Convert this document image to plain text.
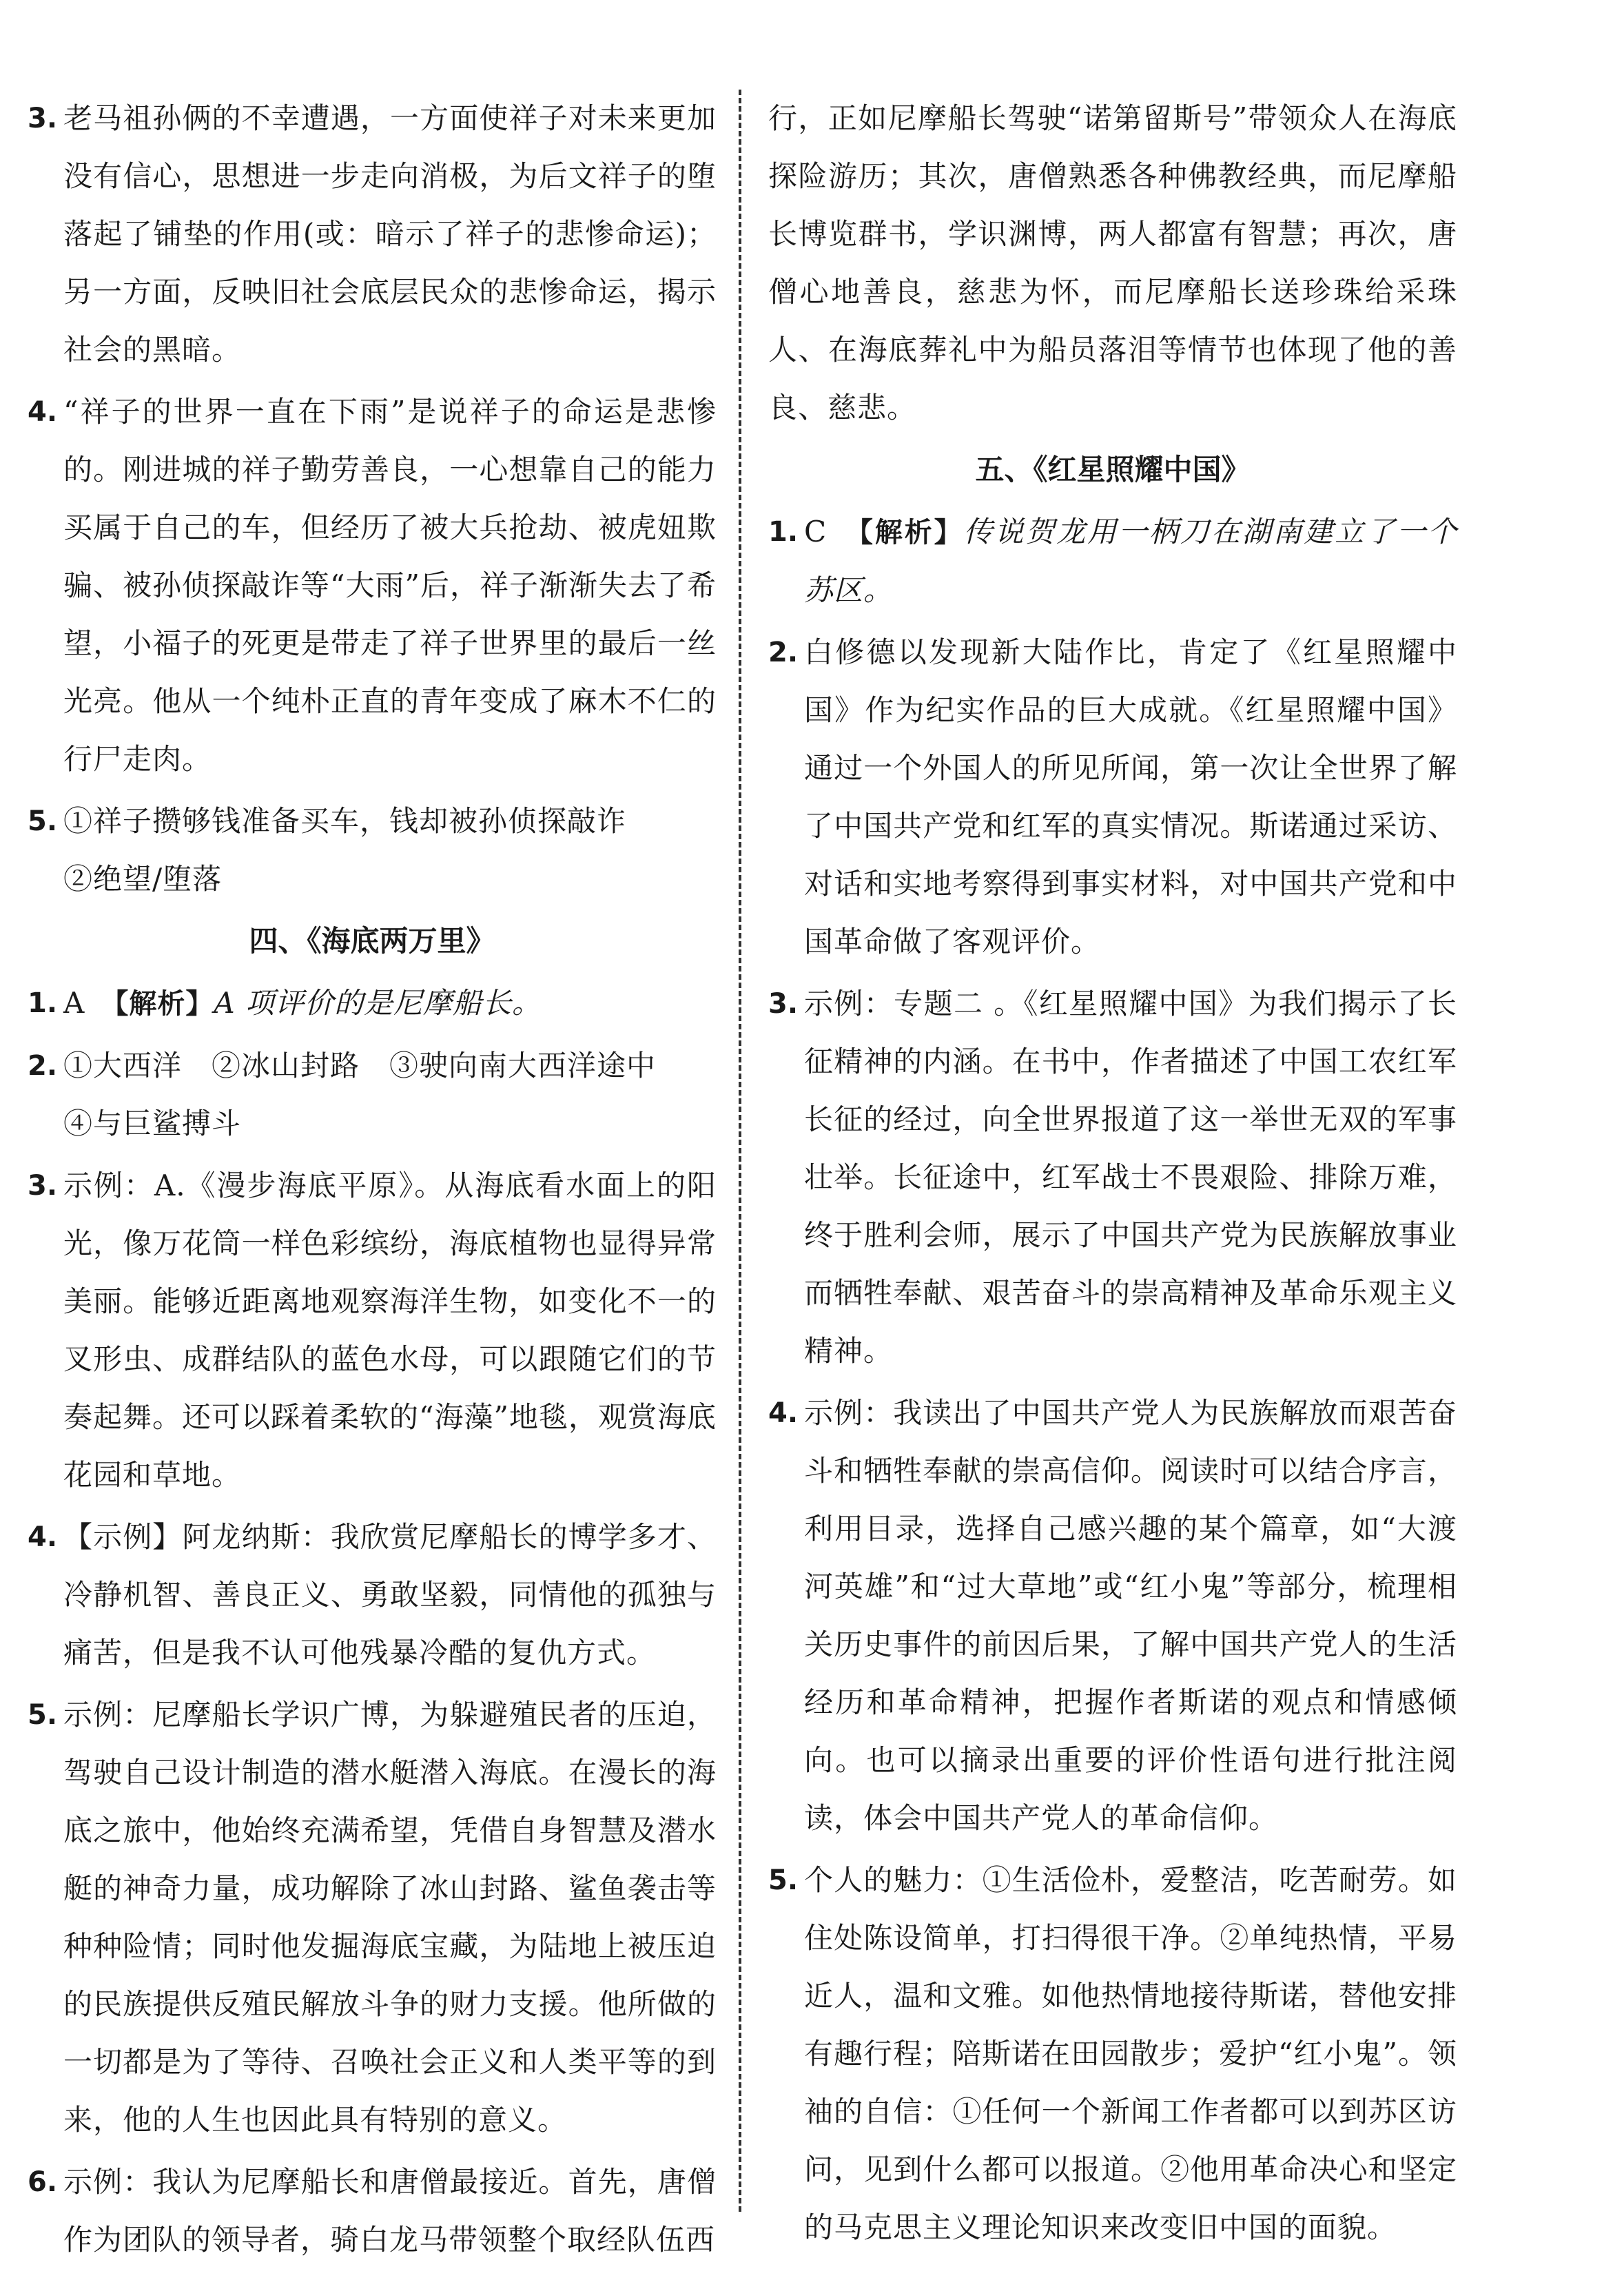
3. 老马祖孙俩的不幸遭遇，一方面使祥子对未来更加没有信心，思想进一步走向消极，为后文祥子的堕落起了铺垫的作用(或：暗示了祥子的悲惨命运)；另一方面，反映旧社会底层民众的悲惨命运，揭示社会的黑暗。
4. “祥子的世界一直在下雨”是说祥子的命运是悲惨的。刚进城的祥子勤劳善良，一心想靠自己的能力买属于自己的车，但经历了被大兵抢劫、被虎妞欺骗、被孙侦探敲诈等“大雨”后，祥子渐渐失去了希望，小福子的死更是带走了祥子世界里的最后一丝光亮。他从一个纯朴正直的青年变成了麻木不仁的行尸走肉。
5. ①祥子攒够钱准备买车，钱却被孙侦探敲诈
②绝望/堕落
四、《海底两万里》
1. A　 【解析】A 项评价的是尼摩船长。
2. ①大西洋　②冰山封路　③驶向南大西洋途中
④与巨鲨搏斗
3. 示例：A.《漫步海底平原》。从海底看水面上的阳光，像万花筒一样色彩缤纷，海底植物也显得异常美丽。能够近距离地观察海洋生物，如变化不一的叉形虫、成群结队的蓝色水母，可以跟随它们的节奏起舞。还可以踩着柔软的“海藻”地毯，观赏海底花园和草地。
4. 【示例】阿龙纳斯：我欣赏尼摩船长的博学多才、冷静机智、善良正义、勇敢坚毅，同情他的孤独与痛苦，但是我不认可他残暴冷酷的复仇方式。
5. 示例：尼摩船长学识广博，为躲避殖民者的压迫，驾驶自己设计制造的潜水艇潜入海底。在漫长的海底之旅中，他始终充满希望，凭借自身智慧及潜水艇的神奇力量，成功解除了冰山封路、鲨鱼袭击等种种险情；同时他发掘海底宝藏，为陆地上被压迫的民族提供反殖民解放斗争的财力支援。他所做的一切都是为了等待、召唤社会正义和人类平等的到来，他的人生也因此具有特别的意义。
6. 示例：我认为尼摩船长和唐僧最接近。首先，唐僧作为团队的领导者，骑白龙马带领整个取经队伍西
行，正如尼摩船长驾驶“诺第留斯号”带领众人在海底探险游历；其次，唐僧熟悉各种佛教经典，而尼摩船长博览群书，学识渊博，两人都富有智慧；再次，唐僧心地善良，慈悲为怀，而尼摩船长送珍珠给采珠人、在海底葬礼中为船员落泪等情节也体现了他的善良、慈悲。
五、《红星照耀中国》
1. C　 【解析】传说贺龙用一柄刀在湖南建立了一个苏区。
2. 白修德以发现新大陆作比，肯定了《红星照耀中国》作为纪实作品的巨大成就。《红星照耀中国》通过一个外国人的所见所闻，第一次让全世界了解了中国共产党和红军的真实情况。斯诺通过采访、对话和实地考察得到事实材料，对中国共产党和中国革命做了客观评价。
3. 示例：专题二 。《红星照耀中国》为我们揭示了长征精神的内涵。在书中，作者描述了中国工农红军长征的经过，向全世界报道了这一举世无双的军事壮举。长征途中，红军战士不畏艰险、排除万难，终于胜利会师，展示了中国共产党为民族解放事业而牺牲奉献、艰苦奋斗的崇高精神及革命乐观主义精神。
4. 示例：我读出了中国共产党人为民族解放而艰苦奋斗和牺牲奉献的崇高信仰。阅读时可以结合序言，利用目录，选择自己感兴趣的某个篇章，如“大渡河英雄”和“过大草地”或“红小鬼”等部分，梳理相关历史事件的前因后果，了解中国共产党人的生活经历和革命精神，把握作者斯诺的观点和情感倾向。也可以摘录出重要的评价性语句进行批注阅读，体会中国共产党人的革命信仰。
5. 个人的魅力：①生活俭朴，爱整洁，吃苦耐劳。如住处陈设简单，打扫得很干净。②单纯热情，平易近人，温和文雅。如他热情地接待斯诺，替他安排有趣行程；陪斯诺在田园散步；爱护“红小鬼”。领袖的自信：①任何一个新闻工作者都可以到苏区访问，见到什么都可以报道。②他用革命决心和坚定的马克思主义理论知识来改变旧中国的面貌。
